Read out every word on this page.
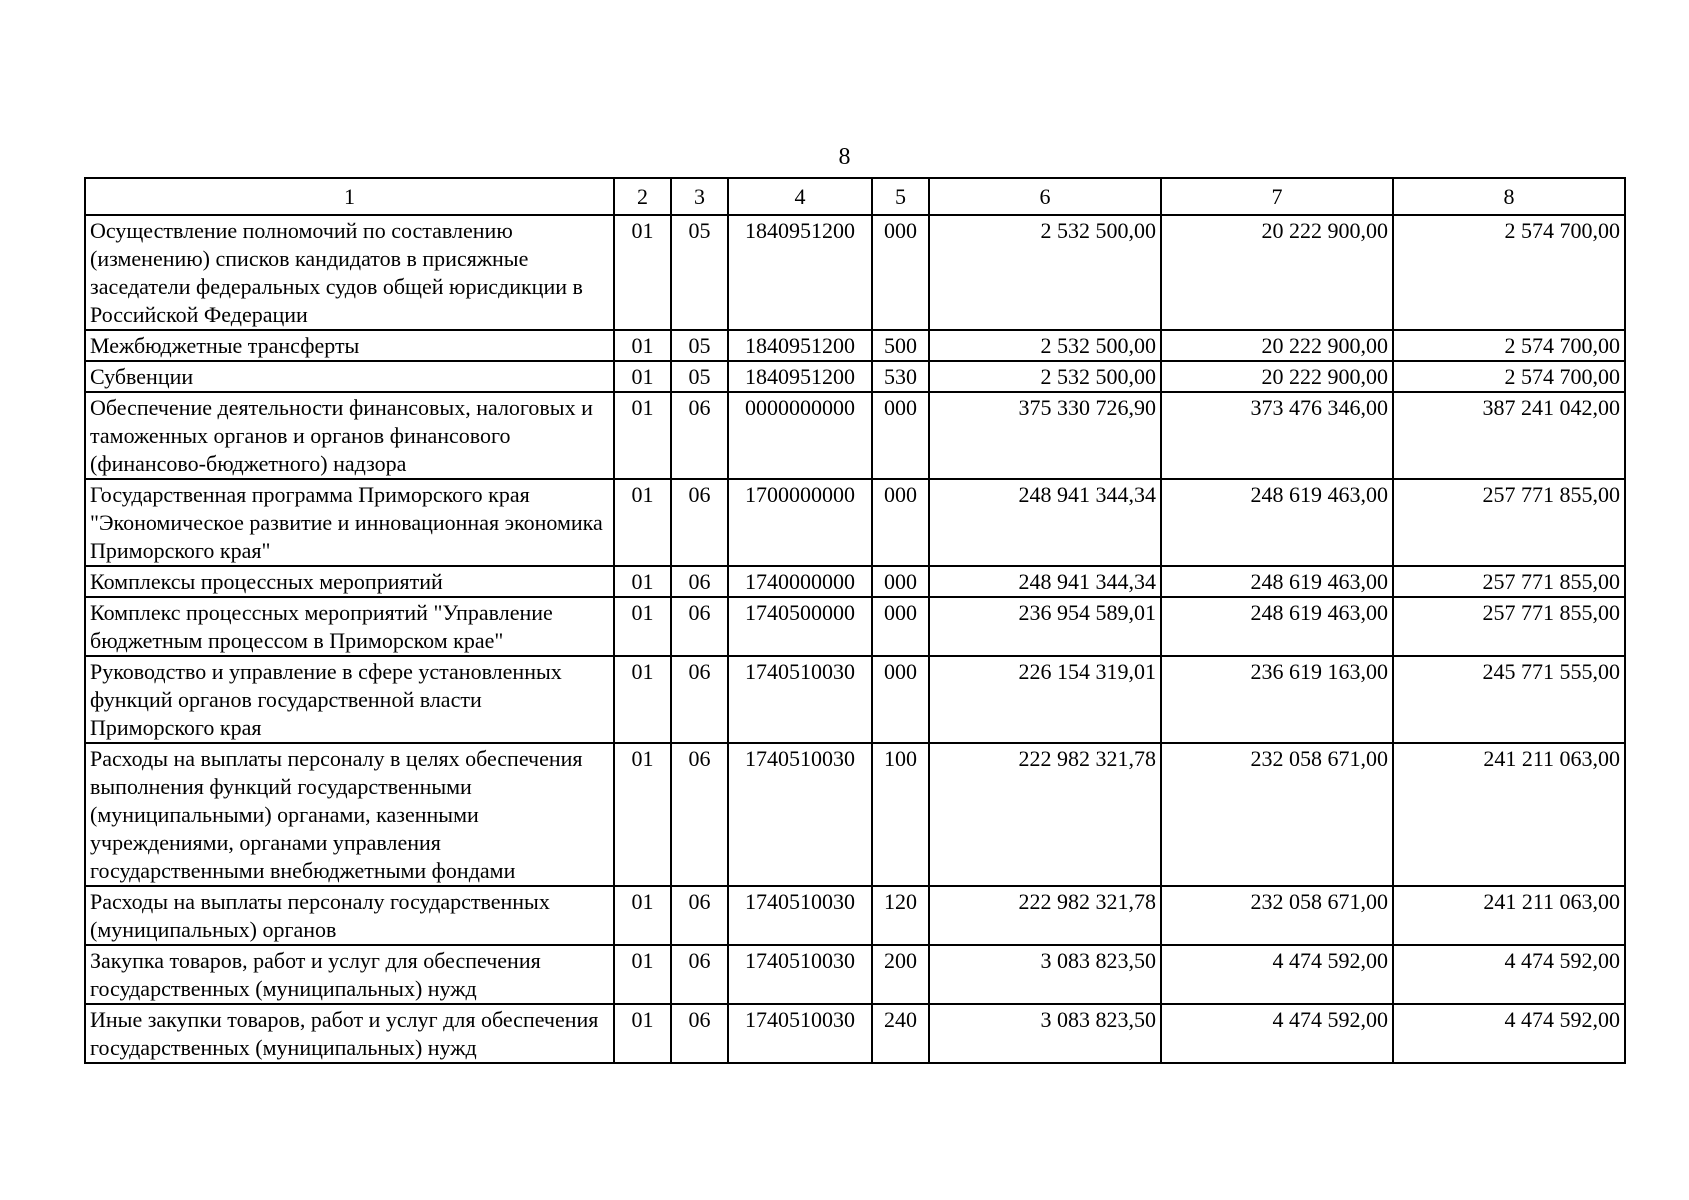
8
1	2	3	4	5	6	7	8
Осуществление полномочий по составлению (изменению) списков кандидатов в присяжные заседатели федеральных судов общей юрисдикции в Российской Федерации	01	05	1840951200	000	2 532 500,00	20 222 900,00	2 574 700,00
Межбюджетные трансферты	01	05	1840951200	500	2 532 500,00	20 222 900,00	2 574 700,00
Субвенции	01	05	1840951200	530	2 532 500,00	20 222 900,00	2 574 700,00
Обеспечение деятельности финансовых, налоговых и таможенных органов и органов финансового (финансово-бюджетного) надзора	01	06	0000000000	000	375 330 726,90	373 476 346,00	387 241 042,00
Государственная программа Приморского края "Экономическое развитие и инновационная экономика Приморского края"	01	06	1700000000	000	248 941 344,34	248 619 463,00	257 771 855,00
Комплексы процессных мероприятий	01	06	1740000000	000	248 941 344,34	248 619 463,00	257 771 855,00
Комплекс процессных мероприятий "Управление бюджетным процессом в Приморском крае"	01	06	1740500000	000	236 954 589,01	248 619 463,00	257 771 855,00
Руководство и управление в сфере установленных функций органов государственной власти Приморского края	01	06	1740510030	000	226 154 319,01	236 619 163,00	245 771 555,00
Расходы на выплаты персоналу в целях обеспечения выполнения функций государственными (муниципальными) органами, казенными учреждениями, органами управления государственными внебюджетными фондами	01	06	1740510030	100	222 982 321,78	232 058 671,00	241 211 063,00
Расходы на выплаты персоналу государственных (муниципальных) органов	01	06	1740510030	120	222 982 321,78	232 058 671,00	241 211 063,00
Закупка товаров, работ и услуг для обеспечения государственных (муниципальных) нужд	01	06	1740510030	200	3 083 823,50	4 474 592,00	4 474 592,00
Иные закупки товаров, работ и услуг для обеспечения государственных (муниципальных) нужд	01	06	1740510030	240	3 083 823,50	4 474 592,00	4 474 592,00
